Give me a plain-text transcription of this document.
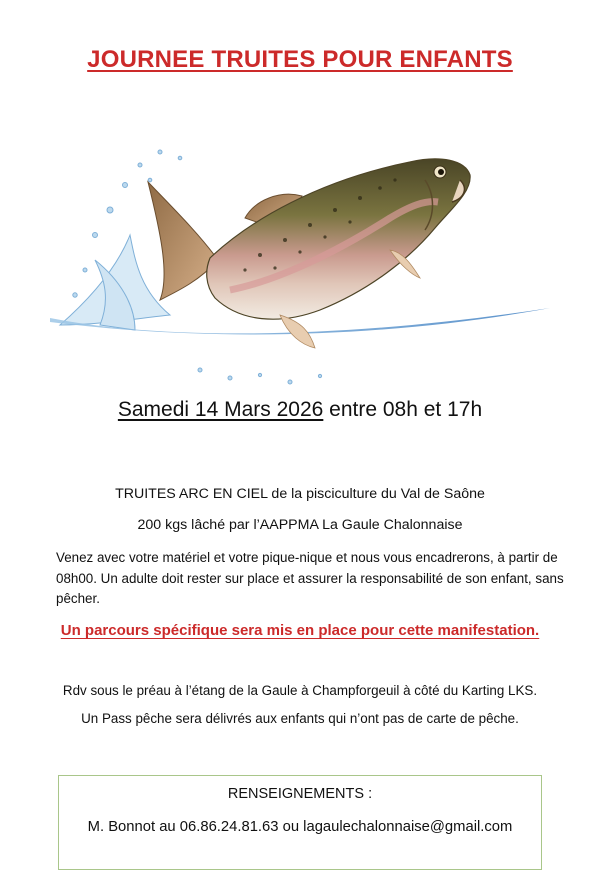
JOURNEE TRUITES POUR ENFANTS
Samedi 14 Mars 2026 entre 08h et 17h
TRUITES ARC EN CIEL de la pisciculture du Val de Saône
200 kgs lâché par l’AAPPMA La Gaule Chalonnaise
Venez avec votre matériel et votre pique-nique et nous vous encadrerons, à partir de 08h00. Un adulte doit rester sur place et assurer la responsabilité de son enfant, sans pêcher.
Un parcours spécifique sera mis en place pour cette manifestation.
Rdv sous le préau à l’étang de la Gaule à Champforgeuil à côté du Karting LKS.
Un Pass pêche sera délivrés aux enfants qui n’ont pas de carte de pêche.
RENSEIGNEMENTS :
M. Bonnot au 06.86.24.81.63 ou lagaulechalonnaise@gmail.com
